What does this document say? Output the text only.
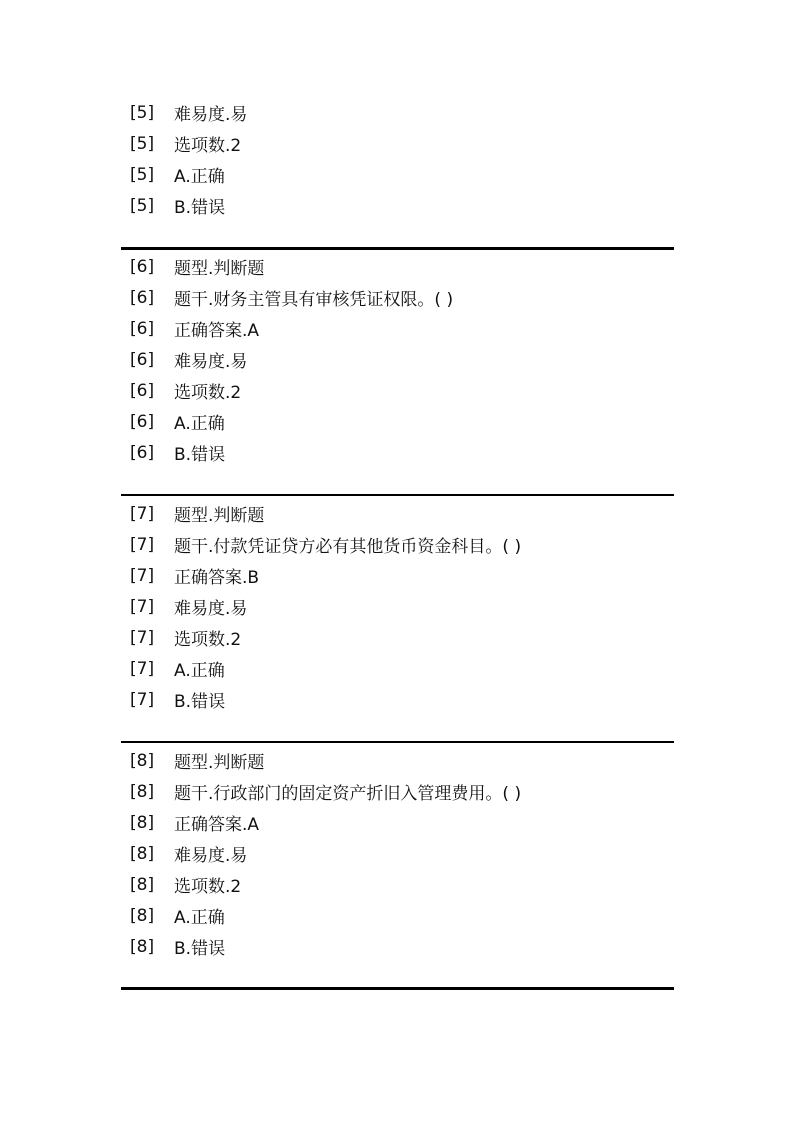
[5]	难易度.易
[5]	选项数.2
[5]	A.正确
[5]	B.错误
[6]	题型.判断题
[6]	题干.财务主管具有审核凭证权限。( )
[6]	正确答案.A
[6]	难易度.易
[6]	选项数.2
[6]	A.正确
[6]	B.错误
[7]	题型.判断题
[7]	题干.付款凭证贷方必有其他货币资金科目。( )
[7]	正确答案.B
[7]	难易度.易
[7]	选项数.2
[7]	A.正确
[7]	B.错误
[8]	题型.判断题
[8]	题干.行政部门的固定资产折旧入管理费用。( )
[8]	正确答案.A
[8]	难易度.易
[8]	选项数.2
[8]	A.正确
[8]	B.错误
